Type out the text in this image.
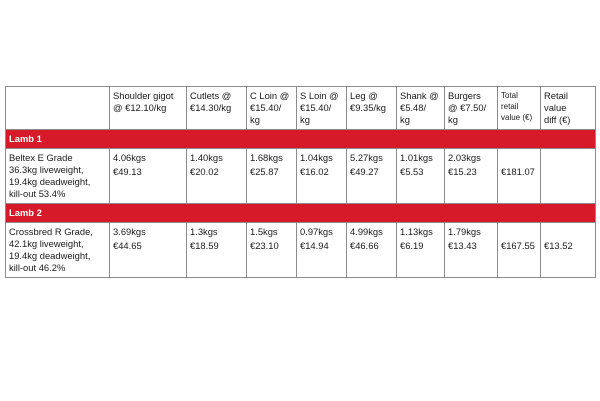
	Shoulder gigot
@ €12.10/kg	Cutlets @
€14.30/kg	C Loin @
€15.40/
kg	S Loin @
€15.40/
kg	Leg @
€9.35/kg	Shank @
€5.48/
kg	Burgers
@ €7.50/
kg	Total
retail
value (€)	Retail
value
diff (€)
Lamb 1									
Beltex E Grade
36.3kg liveweight,
19.4kg deadweight,
kill-out 53.4%	4.06kgs
€49.13	1.40kgs
€20.02	1.68kgs
€25.87	1.04kgs
€16.02	5.27kgs
€49.27	1.01kgs
€5.53	2.03kgs
€15.23	€181.07	

Lamb 2									
Crossbred R Grade,
42.1kg liveweight,
19.4kg deadweight,
kill-out 46.2%	3.69kgs
€44.65	1.3kgs
€18.59	1.5kgs
€23.10	0.97kgs
€14.94	4.99kgs
€46.66	1.13kgs
€6.19	1.79kgs
€13.43	€167.55	€13.52
